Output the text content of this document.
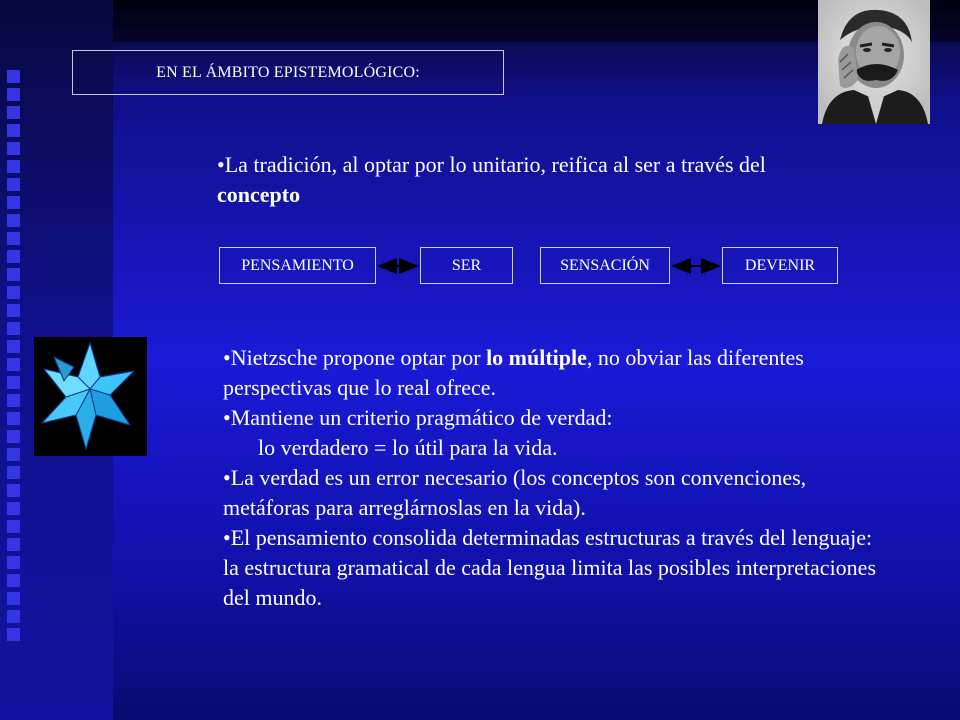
EN EL ÁMBITO EPISTEMOLÓGICO:
•La tradición, al optar por lo unitario, reifica al ser a través del concepto
PENSAMIENTO	SER	SENSACIÓN	DEVENIR
•Nietzsche propone optar por lo múltiple, no obviar las diferentes perspectivas que lo real ofrece.
•Mantiene un criterio pragmático de verdad:
lo verdadero = lo útil para la vida.
•La verdad es un error necesario (los conceptos son convenciones, metáforas para arreglárnoslas en la vida).
•El pensamiento consolida determinadas estructuras a través del lenguaje: la estructura gramatical de cada lengua limita las posibles interpretaciones del mundo.
